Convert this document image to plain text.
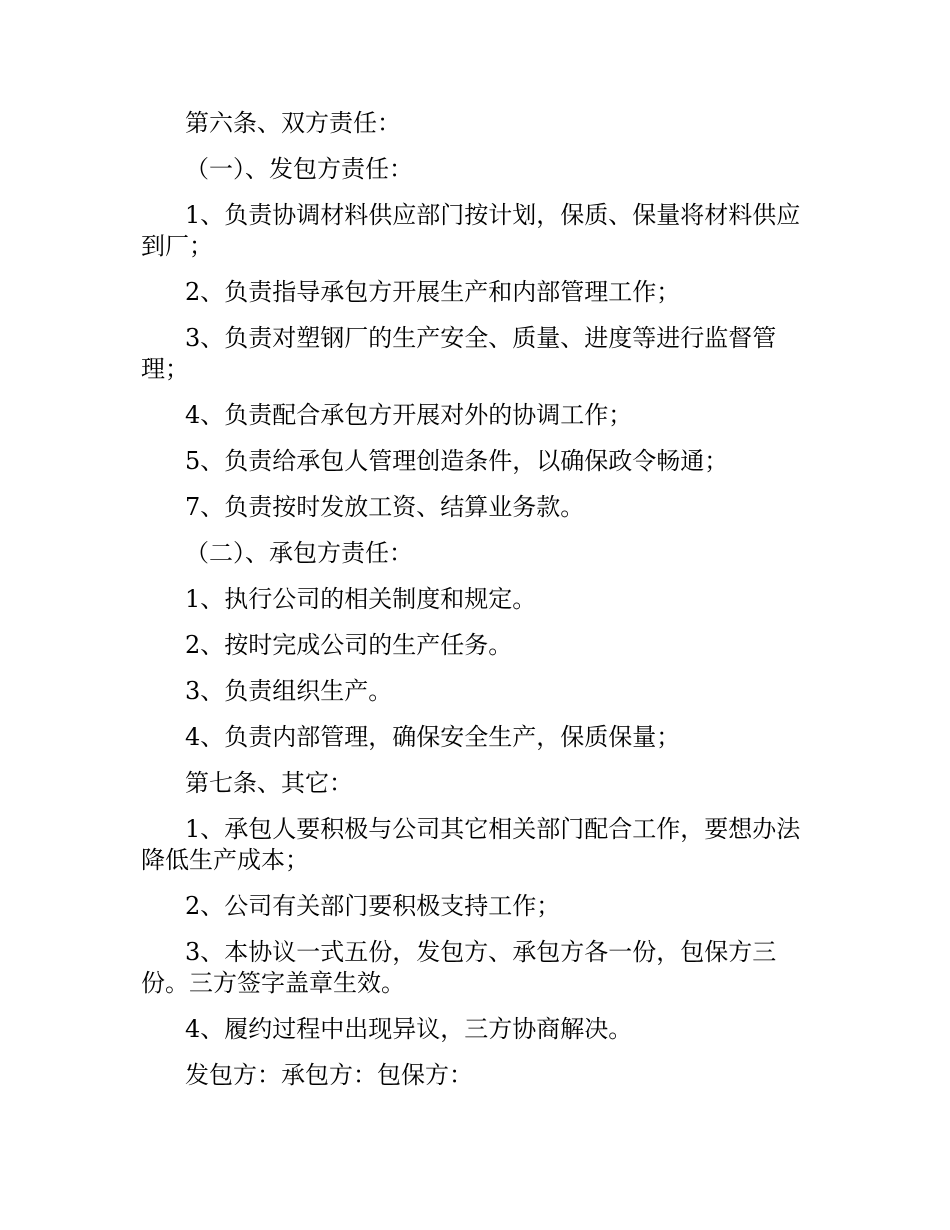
第六条、双方责任：

（一）、发包方责任：

1、负责协调材料供应部门按计划，保质、保量将材料供应到厂；

2、负责指导承包方开展生产和内部管理工作；

3、负责对塑钢厂的生产安全、质量、进度等进行监督管理；

4、负责配合承包方开展对外的协调工作；

5、负责给承包人管理创造条件，以确保政令畅通；

7、负责按时发放工资、结算业务款。

（二）、承包方责任：

1、执行公司的相关制度和规定。

2、按时完成公司的生产任务。

3、负责组织生产。

4、负责内部管理，确保安全生产，保质保量；

第七条、其它：

1、承包人要积极与公司其它相关部门配合工作，要想办法降低生产成本；

2、公司有关部门要积极支持工作；

3、本协议一式五份，发包方、承包方各一份，包保方三份。三方签字盖章生效。

4、履约过程中出现异议，三方协商解决。

发包方：承包方：包保方：
